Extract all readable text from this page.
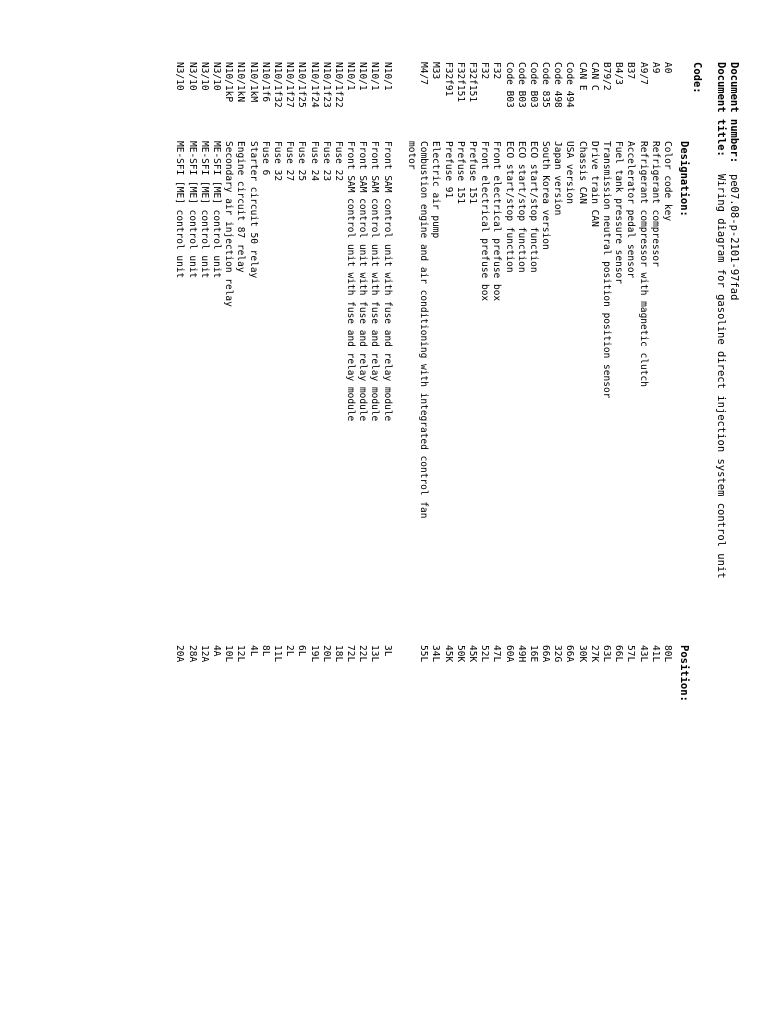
Document number:pe07.08-p-2101-97fad
Document title:Wiring diagram for gasoline direct injection system control unit
Code:
Designation:
Position:
A0
Color code key
80L
A9
Refrigerant compressor
41L
A9/7
Refrigerant compressor with magnetic clutch
43L
B37
Accelerator pedal sensor
57L
B4/3
Fuel tank pressure sensor
66L
B79/2
Transmission neutral position position sensor
63L
CAN C
Drive train CAN
27K
CAN E
Chassis CAN
30K
Code 494
USA version
66A
Code 498
Japan version
32G
Code 835
South Korea version
66A
Code B03
ECO start/stop function
16E
Code B03
ECO start/stop function
49H
Code B03
ECO start/stop function
60A
F32
Front electrical prefuse box
47L
F32
Front electrical prefuse box
52L
F32f151
Prefuse 151
45K
F32f151
Prefuse 151
50K
F32f91
Prefuse 91
45K
M33
Electric air pump
34L
M4/7
Combustion engine and air conditioning with integrated control fan
55L
motor
N10/1
Front SAM control unit with fuse and relay module
3L
N10/1
Front SAM control unit with fuse and relay module
13L
N10/1
Front SAM control unit with fuse and relay module
22L
N10/1
Front SAM control unit with fuse and relay module
72L
N10/1f22
Fuse 22
18L
N10/1f23
Fuse 23
20L
N10/1f24
Fuse 24
19L
N10/1f25
Fuse 25
6L
N10/1f27
Fuse 27
2L
N10/1f32
Fuse 32
11L
N10/1f6
Fuse 6
8L
N10/1kM
Starter circuit 50 relay
4L
N10/1kN
Engine circuit 87 relay
12L
N10/1kP
Secondary air injection relay
10L
N3/10
ME-SFI [ME] control unit
4A
N3/10
ME-SFI [ME] control unit
12A
N3/10
ME-SFI [ME] control unit
28A
N3/10
ME-SFI [ME] control unit
20A
